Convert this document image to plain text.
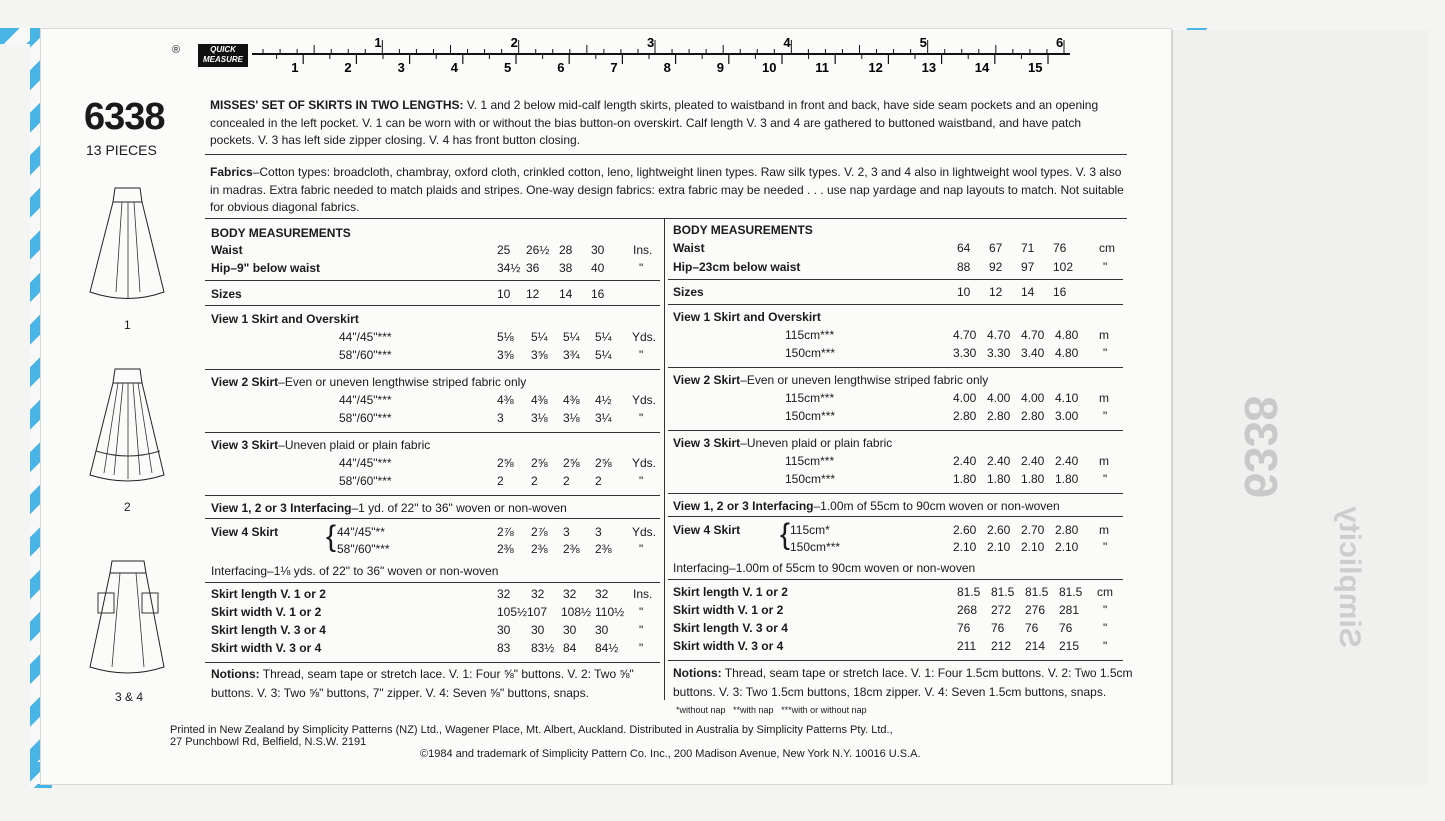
6338
Simplicity
®	QUICK
MEASURE
1	2	3	4	5	6
1	2	3	4	5	6	7	8	9	10	11	12	13	14	15
6338
13 PIECES
1
2
3 & 4
MISSES' SET OF SKIRTS IN TWO LENGTHS: V. 1 and 2 below mid-calf length skirts, pleated to waistband in front and back, have side seam pockets and an opening concealed in the left pocket. V. 1 can be worn with or without the bias button-on overskirt. Calf length V. 3 and 4 are gathered to buttoned waistband, and have patch pockets. V. 3 has left side zipper closing. V. 4 has front button closing.
Fabrics–Cotton types: broadcloth, chambray, oxford cloth, crinkled cotton, leno, lightweight linen types. Raw silk types. V. 2, 3 and 4 also in lightweight wool types. V. 3 also in madras. Extra fabric needed to match plaids and stripes. One-way design fabrics: extra fabric may be needed . . . use nap yardage and nap layouts to match. Not suitable for obvious diagonal fabrics.
BODY MEASUREMENTS
Waist	25 26½ 28 30 Ins.
Hip–9" below waist	34½ 36 38 40	"
Sizes	10 12 14 16
View 1 Skirt and Overskirt
44"/45"***	5⅛ 5¼ 5¼ 5¼ Yds.
58"/60"***	3⅝ 3⅝ 3¾ 5¼ "
View 2 Skirt–Even or uneven lengthwise striped fabric only
44"/45"***	4⅜ 4⅜ 4⅜ 4½ Yds.
58"/60"***	3 3⅛ 3⅛ 3¼ "
View 3 Skirt–Uneven plaid or plain fabric
44"/45"***	2⅝ 2⅝ 2⅝ 2⅝ Yds.
58"/60"***	2 2 2 2	"
View 1, 2 or 3 Interfacing–1 yd. of 22" to 36" woven or non-woven
View 4 Skirt { 44"/45"**	2⅞ 2⅞ 3 3	Yds.
58"/60"***	2⅜ 2⅜ 2⅜ 2⅜ "
Interfacing–1⅛ yds. of 22" to 36" woven or non-woven
Skirt length V. 1 or 2	32 32 32 32 Ins.
Skirt width V. 1 or 2	105½ 107 108½ 110½ "
Skirt length V. 3 or 4	30 30 30 30	"
Skirt width V. 3 or 4	83 83½ 84 84½ "
Notions: Thread, seam tape or stretch lace. V. 1: Four ⅝" buttons. V. 2: Two ⅝"
buttons. V. 3: Two ⅝" buttons, 7" zipper. V. 4: Seven ⅝" buttons, snaps.
BODY MEASUREMENTS
Waist	64 67 71 76	cm
Hip–23cm below waist	88 92 97 102 "
Sizes	10 12 14 16
View 1 Skirt and Overskirt
115cm***	4.70 4.70 4.70 4.80 m
150cm***	3.30 3.30 3.40 4.80 "
View 2 Skirt–Even or uneven lengthwise striped fabric only
115cm***	4.00 4.00 4.00 4.10 m
150cm***	2.80 2.80 2.80 3.00 "
View 3 Skirt–Uneven plaid or plain fabric
115cm***	2.40 2.40 2.40 2.40 m
150cm***	1.80 1.80 1.80 1.80 "
View 1, 2 or 3 Interfacing–1.00m of 55cm to 90cm woven or non-woven
View 4 Skirt { 115cm*	2.60 2.60 2.70 2.80 m
150cm***	2.10 2.10 2.10 2.10 "
Interfacing–1.00m of 55cm to 90cm woven or non-woven
Skirt length V. 1 or 2	81.5 81.5 81.5 81.5 cm
Skirt width V. 1 or 2	268 272 276 281 "
Skirt length V. 3 or 4	76 76 76 76	"
Skirt width V. 3 or 4	211 212 214 215 "
Notions: Thread, seam tape or stretch lace. V. 1: Four 1.5cm buttons. V. 2: Two 1.5cm
buttons. V. 3: Two 1.5cm buttons, 18cm zipper. V. 4: Seven 1.5cm buttons, snaps.
*without nap   **with nap   ***with or without nap
Printed in New Zealand by Simplicity Patterns (NZ) Ltd., Wagener Place, Mt. Albert, Auckland. Distributed in Australia by Simplicity Patterns Pty. Ltd.,
27 Punchbowl Rd, Belfield, N.S.W. 2191
©1984 and trademark of Simplicity Pattern Co. Inc., 200 Madison Avenue, New York N.Y. 10016 U.S.A.
